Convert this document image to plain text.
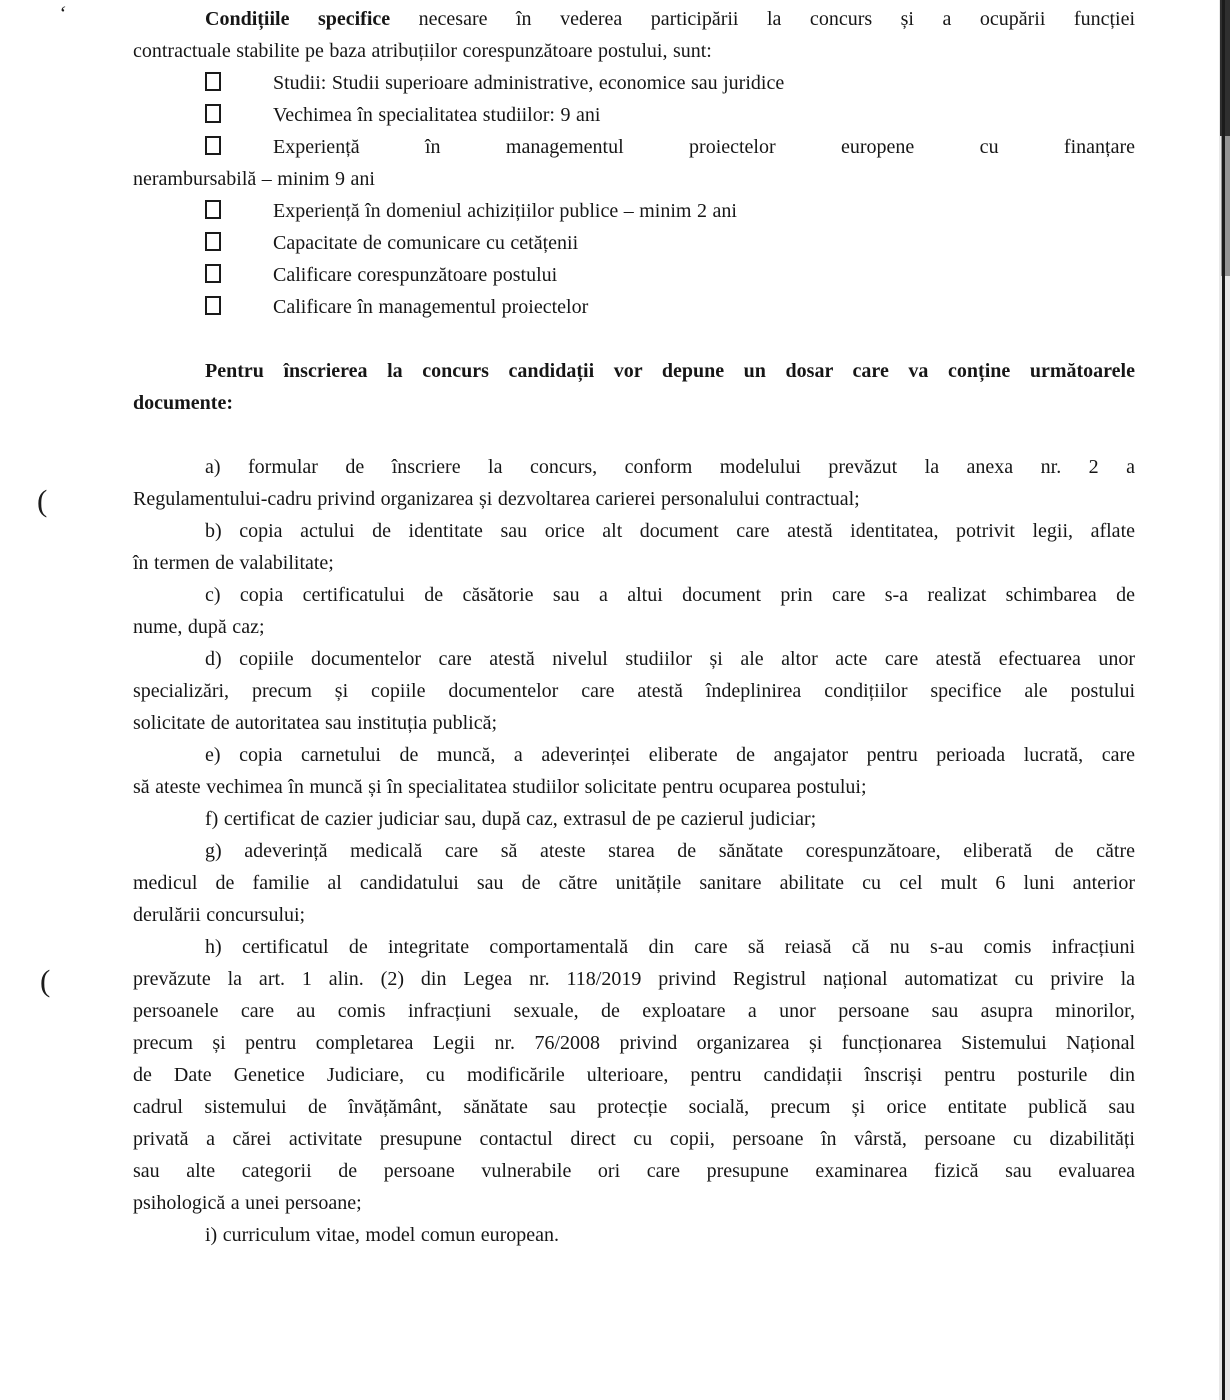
‘
(
(
Condițiile specifice necesare în vederea participării la concurs și a ocupării funcției
contractuale stabilite pe baza atribuțiilor corespunzătoare postului, sunt:
Studii: Studii superioare administrative, economice sau juridice
Vechimea în specialitatea studiilor: 9 ani
Experiență în managementul proiectelor europene cu finanțare
nerambursabilă – minim 9 ani
Experiență în domeniul achizițiilor publice – minim 2 ani
Capacitate de comunicare cu cetățenii
Calificare corespunzătoare postului
Calificare în managementul proiectelor
Pentru înscrierea la concurs candidații vor depune un dosar care va conține următoarele
documente:
a) formular de înscriere la concurs, conform modelului prevăzut la anexa nr. 2 a
Regulamentului-cadru privind organizarea și dezvoltarea carierei personalului contractual;
b) copia actului de identitate sau orice alt document care atestă identitatea, potrivit legii, aflate
în termen de valabilitate;
c) copia certificatului de căsătorie sau a altui document prin care s-a realizat schimbarea de
nume, după caz;
d) copiile documentelor care atestă nivelul studiilor și ale altor acte care atestă efectuarea unor
specializări, precum și copiile documentelor care atestă îndeplinirea condițiilor specifice ale postului
solicitate de autoritatea sau instituția publică;
e) copia carnetului de muncă, a adeverinței eliberate de angajator pentru perioada lucrată, care
să ateste vechimea în muncă și în specialitatea studiilor solicitate pentru ocuparea postului;
f) certificat de cazier judiciar sau, după caz, extrasul de pe cazierul judiciar;
g) adeverință medicală care să ateste starea de sănătate corespunzătoare, eliberată de către
medicul de familie al candidatului sau de către unitățile sanitare abilitate cu cel mult 6 luni anterior
derulării concursului;
h) certificatul de integritate comportamentală din care să reiasă că nu s-au comis infracțiuni
prevăzute la art. 1 alin. (2) din Legea nr. 118/2019 privind Registrul național automatizat cu privire la
persoanele care au comis infracțiuni sexuale, de exploatare a unor persoane sau asupra minorilor,
precum și pentru completarea Legii nr. 76/2008 privind organizarea și funcționarea Sistemului Național
de Date Genetice Judiciare, cu modificările ulterioare, pentru candidații înscriși pentru posturile din
cadrul sistemului de învățământ, sănătate sau protecție socială, precum și orice entitate publică sau
privată a cărei activitate presupune contactul direct cu copii, persoane în vârstă, persoane cu dizabilități
sau alte categorii de persoane vulnerabile ori care presupune examinarea fizică sau evaluarea
psihologică a unei persoane;
i) curriculum vitae, model comun european.
